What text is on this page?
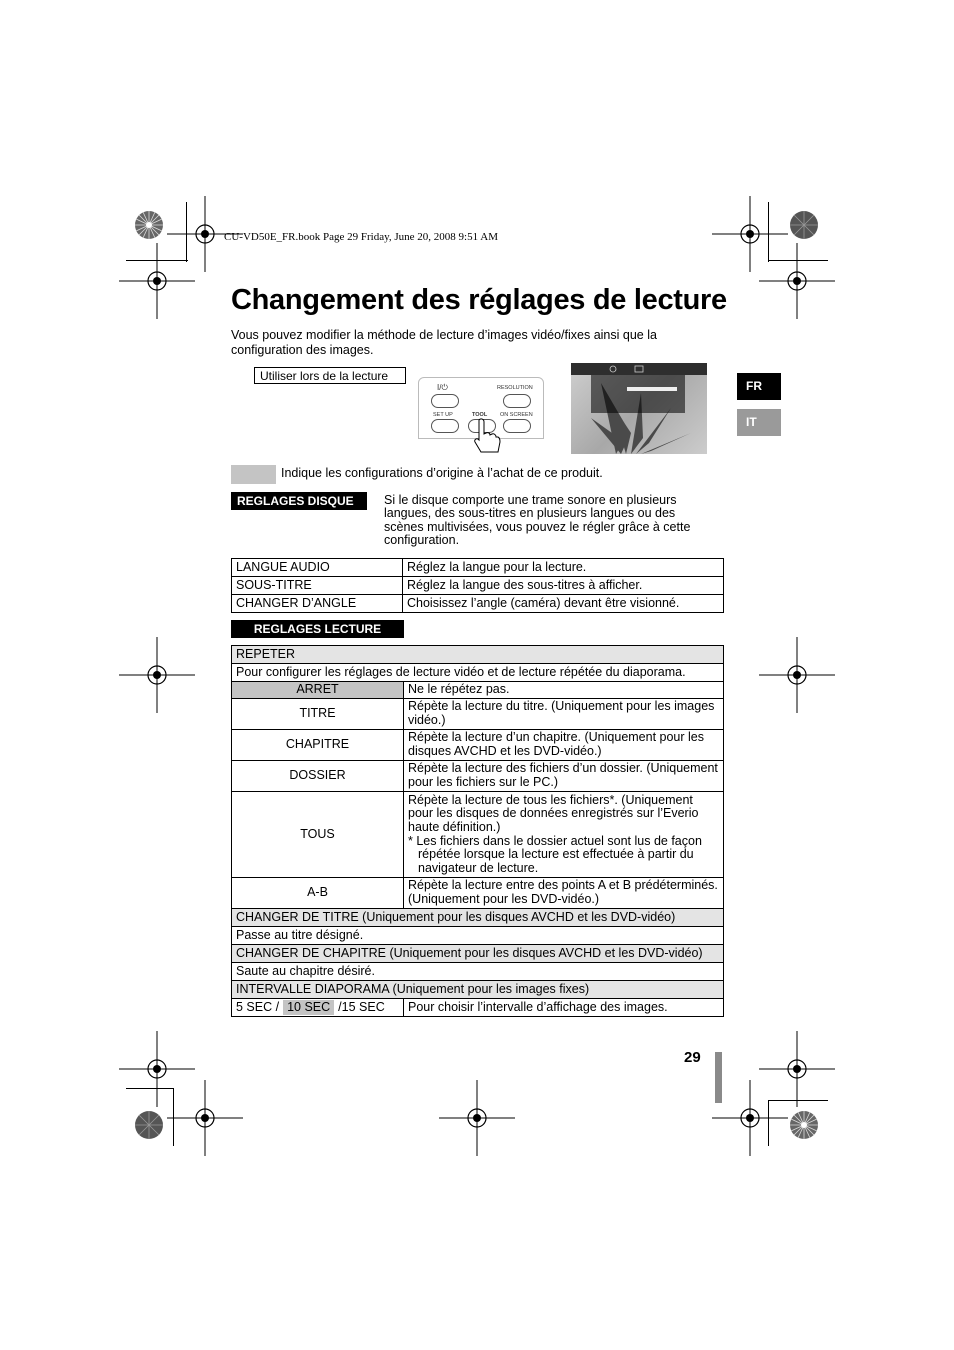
CU-VD50E_FR.book Page 29 Friday, June 20, 2008 9:51 AM
Changement des réglages de lecture
Vous pouvez modifier la méthode de lecture d’images vidéo/fixes ainsi que la configuration des images.
Utiliser lors de la lecture
I/⏻	RESOLUTION
SET UP	TOOL ON SCREEN
FR
IT
Indique les configurations d’origine à l’achat de ce produit.
REGLAGES DISQUE	Si le disque comporte une trame sonore en plusieurs langues, des sous-titres en plusieurs langues ou des scènes multivisées, vous pouvez le régler grâce à cette configuration.
LANGUE AUDIO	Réglez la langue pour la lecture.
SOUS-TITRE	Réglez la langue des sous-titres à afficher.
CHANGER D’ANGLE	Choisissez l’angle (caméra) devant être visionné.
REGLAGES LECTURE
REPETER	
Pour configurer les réglages de lecture vidéo et de lecture répétée du diaporama.	
ARRET	Ne le répétez pas.
TITRE	Répète la lecture du titre. (Uniquement pour les images vidéo.)
CHAPITRE	Répète la lecture d’un chapitre. (Uniquement pour les disques AVCHD et les DVD-vidéo.)
DOSSIER	Répète la lecture des fichiers d’un dossier. (Uniquement pour les fichiers sur le PC.)
TOUS	Répète la lecture de tous les fichiers*. (Uniquement pour les disques de données enregistrés sur l’Everio haute définition.)
* Les fichiers dans le dossier actuel sont lus de façon répétée lorsque la lecture est effectuée à partir du navigateur de lecture.

A-B	Répète la lecture entre des points A et B prédéterminés. (Uniquement pour les DVD-vidéo.)
CHANGER DE TITRE (Uniquement pour les disques AVCHD et les DVD-vidéo)	
Passe au titre désigné.	
CHANGER DE CHAPITRE (Uniquement pour les disques AVCHD et les DVD-vidéo)	
Saute au chapitre désiré.	
INTERVALLE DIAPORAMA (Uniquement pour les images fixes)	
5 SEC / 10 SEC /15 SEC	Pour choisir l’intervalle d’affichage des images.
29
